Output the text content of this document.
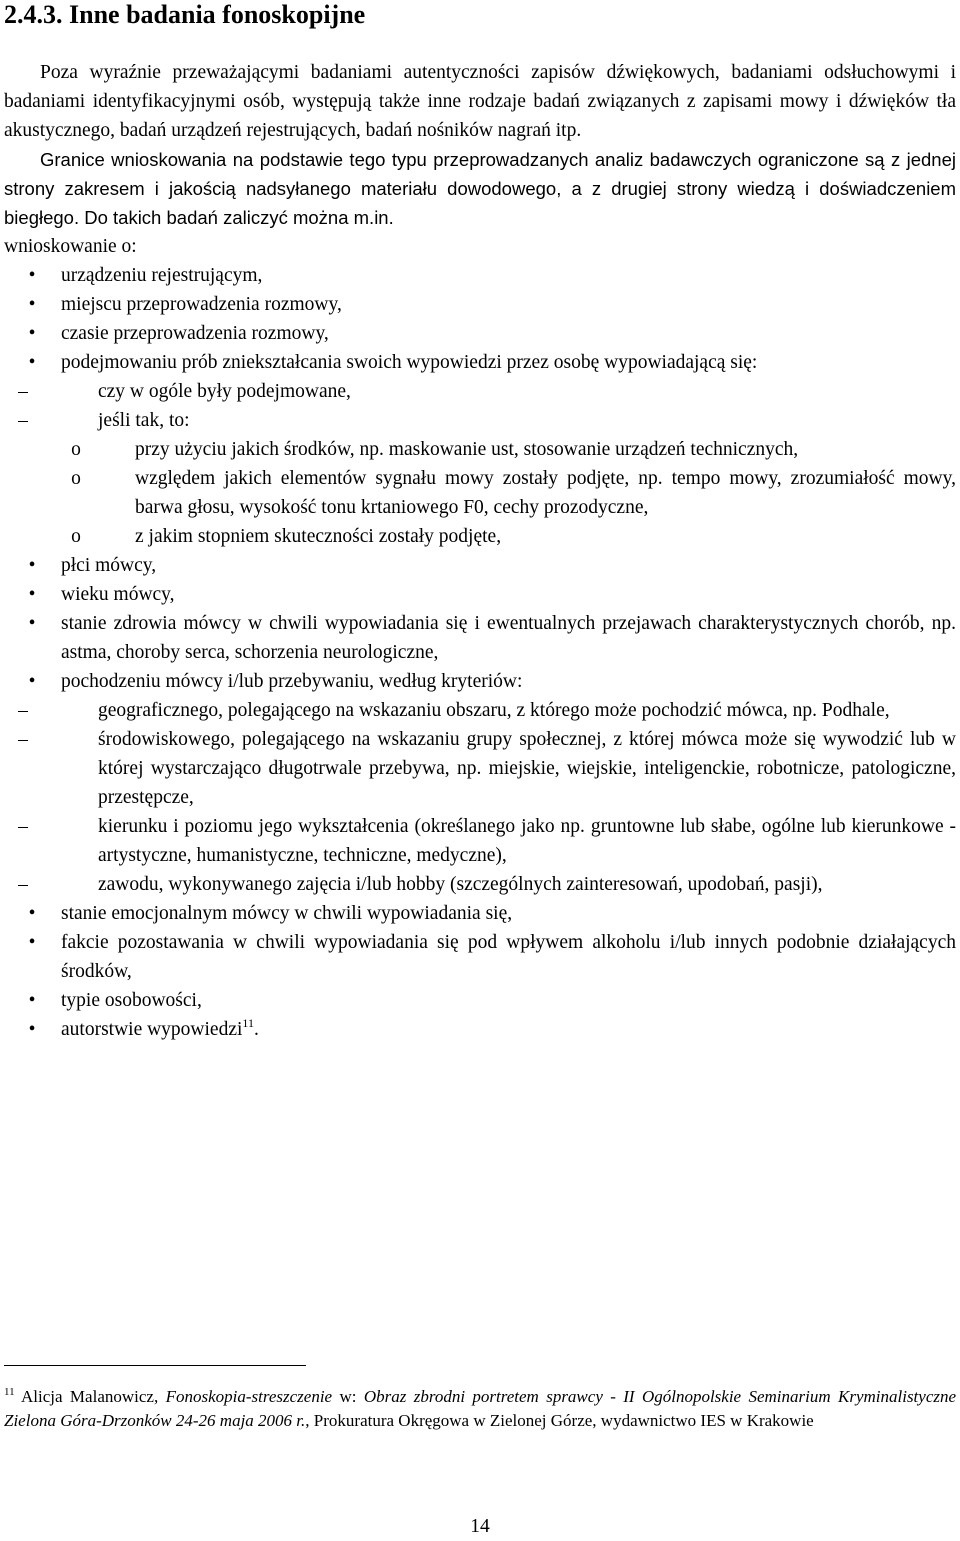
2.4.3. Inne badania fonoskopijne

Poza wyraźnie przeważającymi badaniami autentyczności zapisów dźwiękowych, badaniami odsłuchowymi i badaniami identyfikacyjnymi osób, występują także inne rodzaje badań związanych z zapisami mowy i dźwięków tła akustycznego, badań urządzeń rejestrujących, badań nośników nagrań itp.

Granice wnioskowania na podstawie tego typu przeprowadzanych analiz badawczych ograniczone są z jednej strony zakresem i jakością nadsyłanego materiału dowodowego, a z drugiej strony wiedzą i doświadczeniem biegłego. Do takich badań zaliczyć można m.in.

wnioskowanie o:

•	urządzeniu rejestrującym,
•	miejscu przeprowadzenia rozmowy,
•	czasie przeprowadzenia rozmowy,
•	podejmowaniu prób zniekształcania swoich wypowiedzi przez osobę wypowiadającą się:
–	czy w ogóle były podejmowane,
–	jeśli tak, to:
o	przy użyciu jakich środków, np. maskowanie ust, stosowanie urządzeń technicznych,
o	względem jakich elementów sygnału mowy zostały podjęte, np. tempo mowy, zrozumiałość mowy, barwa głosu, wysokość tonu krtaniowego F0, cechy prozodyczne,
o	z jakim stopniem skuteczności zostały podjęte,
•	płci mówcy,
•	wieku mówcy,
•	stanie zdrowia mówcy w chwili wypowiadania się i ewentualnych przejawach charakterystycznych chorób, np. astma, choroby serca, schorzenia neurologiczne,
•	pochodzeniu mówcy i/lub przebywaniu, według kryteriów:
–	geograficznego, polegającego na wskazaniu obszaru, z którego może pochodzić mówca, np. Podhale,
–	środowiskowego, polegającego na wskazaniu grupy społecznej, z której mówca może się wywodzić lub w której wystarczająco długotrwale przebywa, np. miejskie, wiejskie, inteligenckie, robotnicze, patologiczne, przestępcze,
–	kierunku i poziomu jego wykształcenia (określanego jako np. gruntowne lub słabe, ogólne lub kierunkowe - artystyczne, humanistyczne, techniczne, medyczne),
–	zawodu, wykonywanego zajęcia i/lub hobby (szczególnych zainteresowań, upodobań, pasji),
•	stanie emocjonalnym mówcy w chwili wypowiadania się,
•	fakcie pozostawania w chwili wypowiadania się pod wpływem alkoholu i/lub innych podobnie działających środków,
•	typie osobowości,
•	autorstwie wypowiedzi$^{11}$.
$^{11}$ Alicja Malanowicz, Fonoskopia-streszczenie w: Obraz zbrodni portretem sprawcy - II Ogólnopolskie Seminarium Kryminalistyczne Zielona Góra-Drzonków 24-26 maja 2006 r., Prokuratura Okręgowa w Zielonej Górze, wydawnictwo IES w Krakowie
14
